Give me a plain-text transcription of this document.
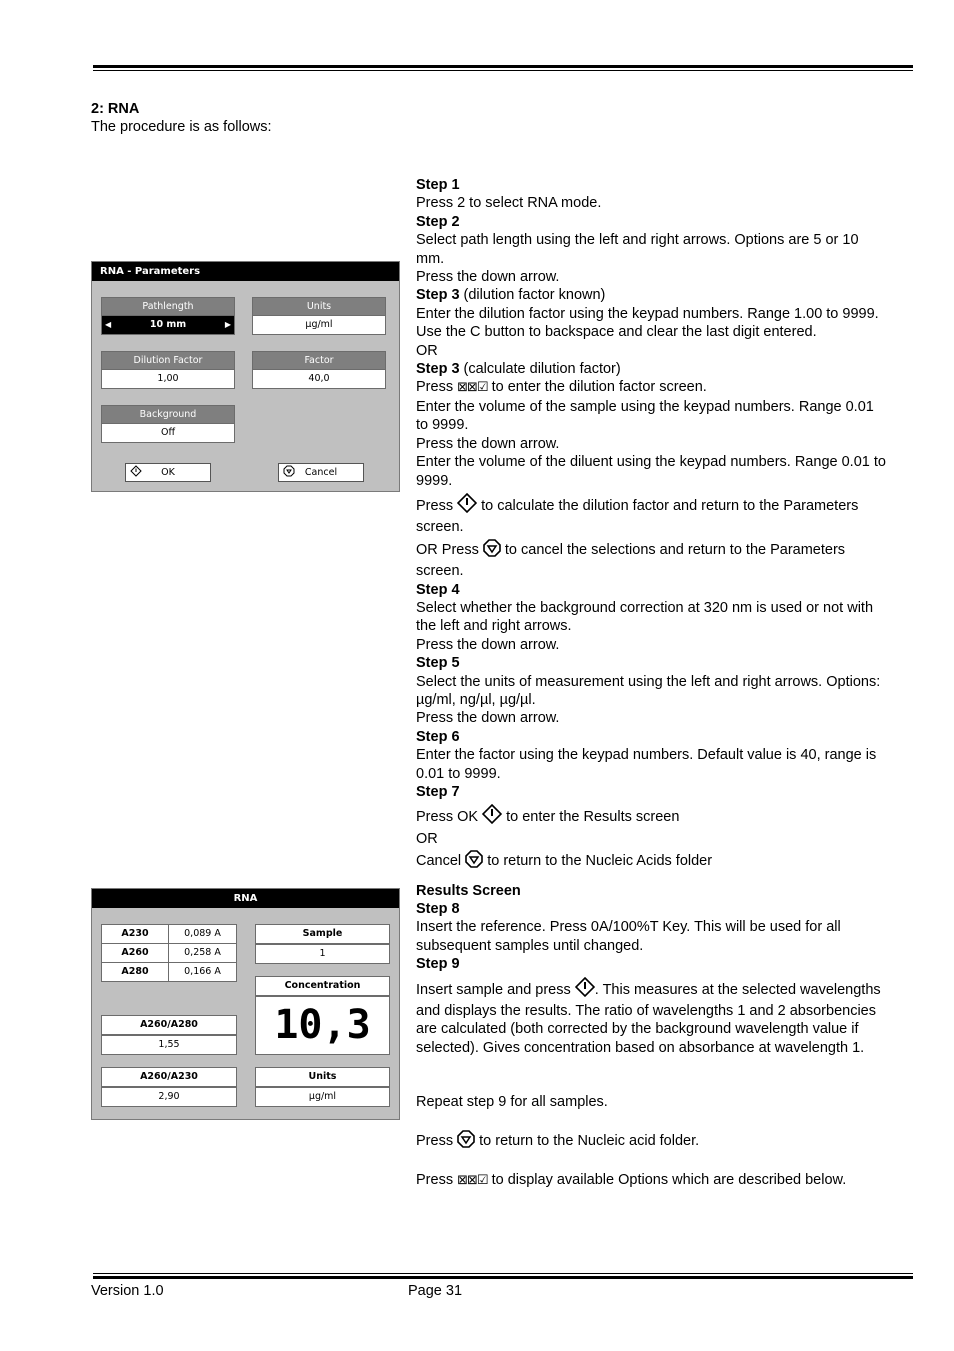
2: RNA
The procedure is as follows:
RNA - Parameters
Pathlength
◀	10 mm	▶
Units
µg/ml
Dilution Factor
1,00
Factor
40,0
Background
Off
OK	Cancel
RNA
A230	0,089 A
A260	0,258 A
A280	0,166 A
Sample
1
Concentration
10,3
A260/A280
1,55
A260/A230
2,90
Units
µg/ml

Step 1

Press 2 to select RNA mode.

Step 2

Select path length using the left and right arrows. Options are 5 or 10 mm.

Press the down arrow.

Step 3 (dilution factor known)

Enter the dilution factor using the keypad numbers. Range 1.00 to 9999. Use the C button to backspace and clear the last digit entered.

OR

Step 3 (calculate dilution factor)

Press ⊠⊠☑ to enter the dilution factor screen.

Enter the volume of the sample using the keypad numbers. Range 0.01 to 9999.

Press the down arrow.

Enter the volume of the diluent using the keypad numbers. Range 0.01 to 9999.

Press  to calculate the dilution factor and return to the Parameters screen.

OR Press  to cancel the selections and return to the Parameters screen.

Step 4

Select whether the background correction at 320 nm is used or not with the left and right arrows.

Press the down arrow.

Step 5

Select the units of measurement using the left and right arrows. Options: µg/ml, ng/µl, µg/µl.

Press the down arrow.

Step 6

Enter the factor using the keypad numbers. Default value is 40, range is 0.01 to 9999.

Step 7

Press OK  to enter the Results screen

OR

Cancel  to return to the Nucleic Acids folder

Results Screen

Step 8

Insert the reference. Press 0A/100%T Key. This will be used for all subsequent samples until changed.

Step 9

Insert sample and press . This measures at the selected wavelengths and displays the results. The ratio of wavelengths 1 and 2 absorbencies are calculated (both corrected by the background wavelength value if selected). Gives concentration based on absorbance at wavelength 1.

Repeat step 9 for all samples.

Press  to return to the Nucleic acid folder.

Press ⊠⊠☑ to display available Options which are described below.

Version 1.0	Page 31
